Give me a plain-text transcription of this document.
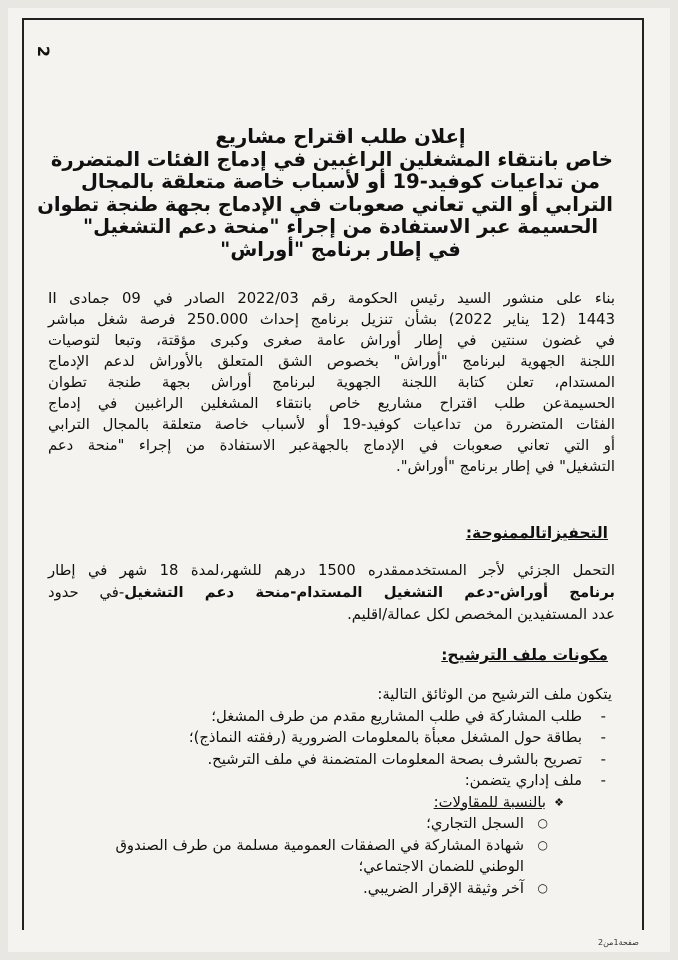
2
إعلان طلب اقتراح مشاريع
خاص بانتقاء المشغلين الراغبين في إدماج الفئات المتضررة
من تداعيات كوفيد-19 أو لأسباب خاصة متعلقة بالمجال
الترابي أو التي تعاني صعوبات في الإدماج بجهة طنجة تطوان
الحسيمة عبر الاستفادة من إجراء "منحة دعم التشغيل"
في إطار برنامج "أوراش"
بناء على منشور السيد رئيس الحكومة رقم 2022/03 الصادر في 09 جمادى II
1443 (12 يناير 2022) بشأن تنزيل برنامج إحداث 250.000 فرصة شغل مباشر
في غضون سنتين في إطار أوراش عامة صغرى وكبرى مؤقتة، وتبعا لتوصيات
اللجنة الجهوية لبرنامج "أوراش" بخصوص الشق المتعلق بالأوراش لدعم الإدماج
المستدام، تعلن كتابة اللجنة الجهوية لبرنامج أوراش بجهة طنجة تطوان
الحسيمةعن طلب اقتراح مشاريع خاص بانتقاء المشغلين الراغبين في إدماج
الفئات المتضررة من تداعيات كوفيد-19 أو لأسباب خاصة متعلقة بالمجال الترابي
أو التي تعاني صعوبات في الإدماج بالجهةعبر الاستفادة من إجراء "منحة دعم
التشغيل" في إطار برنامج "أوراش".
التحفيزاتالممنوحة:
التحمل الجزئي لأجر المستخدممقدره 1500 درهم للشهر،لمدة 18 شهر في إطار
برنامج أوراش-دعم التشغيل المستدام-منحة دعم التشغيل-في حدود
عدد المستفيدين المخصص لكل عمالة/اقليم.
مكونات ملف الترشيح:
يتكون ملف الترشيح من الوثائق التالية:
-
طلب المشاركة في طلب المشاريع مقدم من طرف المشغل؛
-
بطاقة حول المشغل معبأة بالمعلومات الضرورية (رفقته النماذج)؛
-
تصريح بالشرف بصحة المعلومات المتضمنة في ملف الترشيح.
-
ملف إداري يتضمن:
❖
بالنسبة للمقاولات:
○
السجل التجاري؛
○
شهادة المشاركة في الصفقات العمومية مسلمة من طرف الصندوق
الوطني للضمان الاجتماعي؛
○
آخر وثيقة الإقرار الضريبي.
صفحة1من2
